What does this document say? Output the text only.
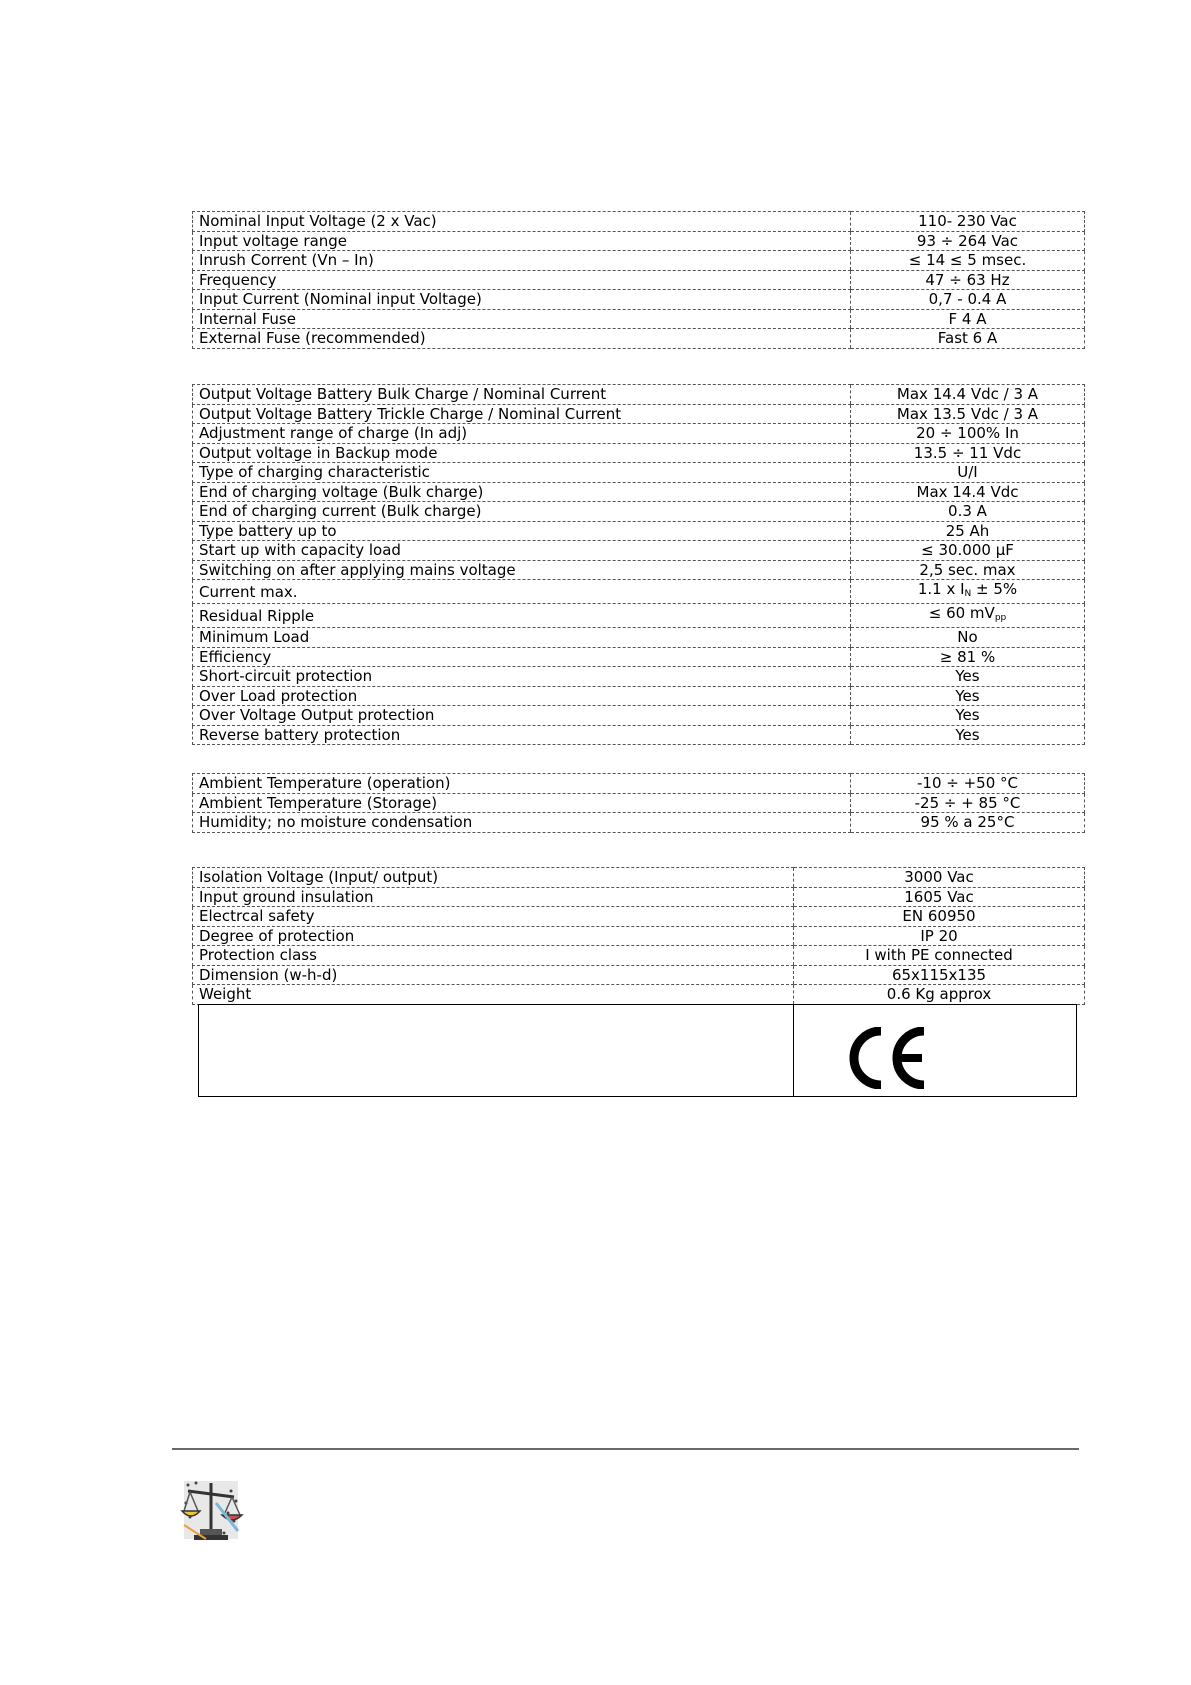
Nominal Input Voltage (2 x Vac)	110- 230 Vac
Input voltage range	93 ÷ 264 Vac
Inrush Corrent (Vn – In)	≤ 14 ≤ 5 msec.
Frequency	47 ÷ 63 Hz
Input Current (Nominal input Voltage)	0,7 - 0.4 A
Internal Fuse	F 4 A
External Fuse (recommended)	Fast 6 A
Output Voltage Battery Bulk Charge / Nominal Current	Max 14.4 Vdc / 3 A
Output Voltage Battery Trickle Charge / Nominal Current	Max 13.5 Vdc / 3 A
Adjustment range of charge (In adj)	20 ÷ 100% In
Output voltage in Backup mode	13.5 ÷ 11 Vdc
Type of charging characteristic	U/I
End of charging voltage (Bulk charge)	Max 14.4 Vdc
End of charging current (Bulk charge)	0.3 A
Type battery up to	25 Ah
Start up with capacity load	≤ 30.000 µF
Switching on after applying mains voltage	2,5 sec. max
Current max.	1.1 x $I_N \pm 5\%$
Residual Ripple	≤ 60 $mV_{pp}$
Minimum Load	No
Efficiency	≥ 81 %
Short-circuit protection	Yes
Over Load protection	Yes
Over Voltage Output protection	Yes
Reverse battery protection	Yes
Ambient Temperature (operation)	-10 ÷ +50 °C
Ambient Temperature (Storage)	-25 ÷ + 85 °C
Humidity; no moisture condensation	95 % a 25°C
Isolation Voltage (Input/ output)	3000 Vac
Input ground insulation	1605 Vac
Electrcal safety	EN 60950
Degree of protection	IP 20
Protection class	I with PE connected
Dimension (w-h-d)	65x115x135
Weight	0.6 Kg approx
